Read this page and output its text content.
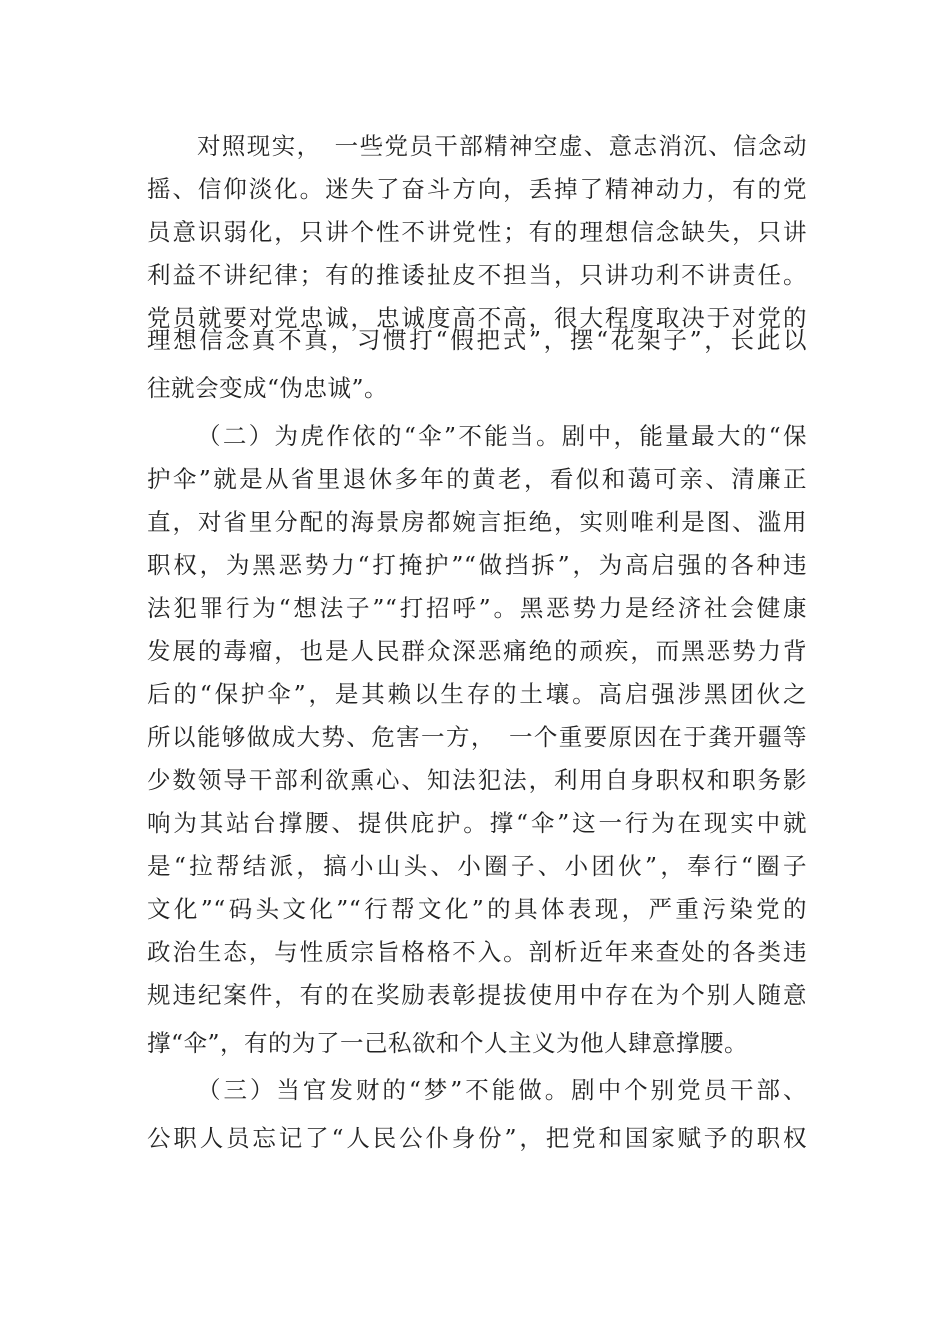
对照现实，　一些党员干部精神空虚、意志消沉、信念动
摇、信仰淡化。迷失了奋斗方向，丢掉了精神动力，有的党
员意识弱化，只讲个性不讲党性；有的理想信念缺失，只讲
利益不讲纪律；有的推诿扯皮不担当，只讲功利不讲责任。
党员就要对党忠诚，忠诚度高不高，很大程度取决于对党的
理想信念真不真，习惯打“假把式”，摆“花架子”，长此以
往就会变成“伪忠诚”。
（二）为虎作依的“伞”不能当。剧中，能量最大的“保
护伞”就是从省里退休多年的黄老，看似和蔼可亲、清廉正
直，对省里分配的海景房都婉言拒绝，实则唯利是图、滥用
职权，为黑恶势力“打掩护”“做挡拆”，为高启强的各种违
法犯罪行为“想法子”“打招呼”。黑恶势力是经济社会健康
发展的毒瘤，也是人民群众深恶痛绝的顽疾，而黑恶势力背
后的“保护伞”，是其赖以生存的土壤。高启强涉黑团伙之
所以能够做成大势、危害一方，　一个重要原因在于龚开疆等
少数领导干部利欲熏心、知法犯法，利用自身职权和职务影
响为其站台撑腰、提供庇护。撑“伞”这一行为在现实中就
是“拉帮结派，搞小山头、小圈子、小团伙”，奉行“圈子
文化”“码头文化”“行帮文化”的具体表现，严重污染党的
政治生态，与性质宗旨格格不入。剖析近年来查处的各类违
规违纪案件，有的在奖励表彰提拔使用中存在为个别人随意
撑“伞”，有的为了一己私欲和个人主义为他人肆意撑腰。
（三）当官发财的“梦”不能做。剧中个别党员干部、
公职人员忘记了“人民公仆身份”，把党和国家赋予的职权
